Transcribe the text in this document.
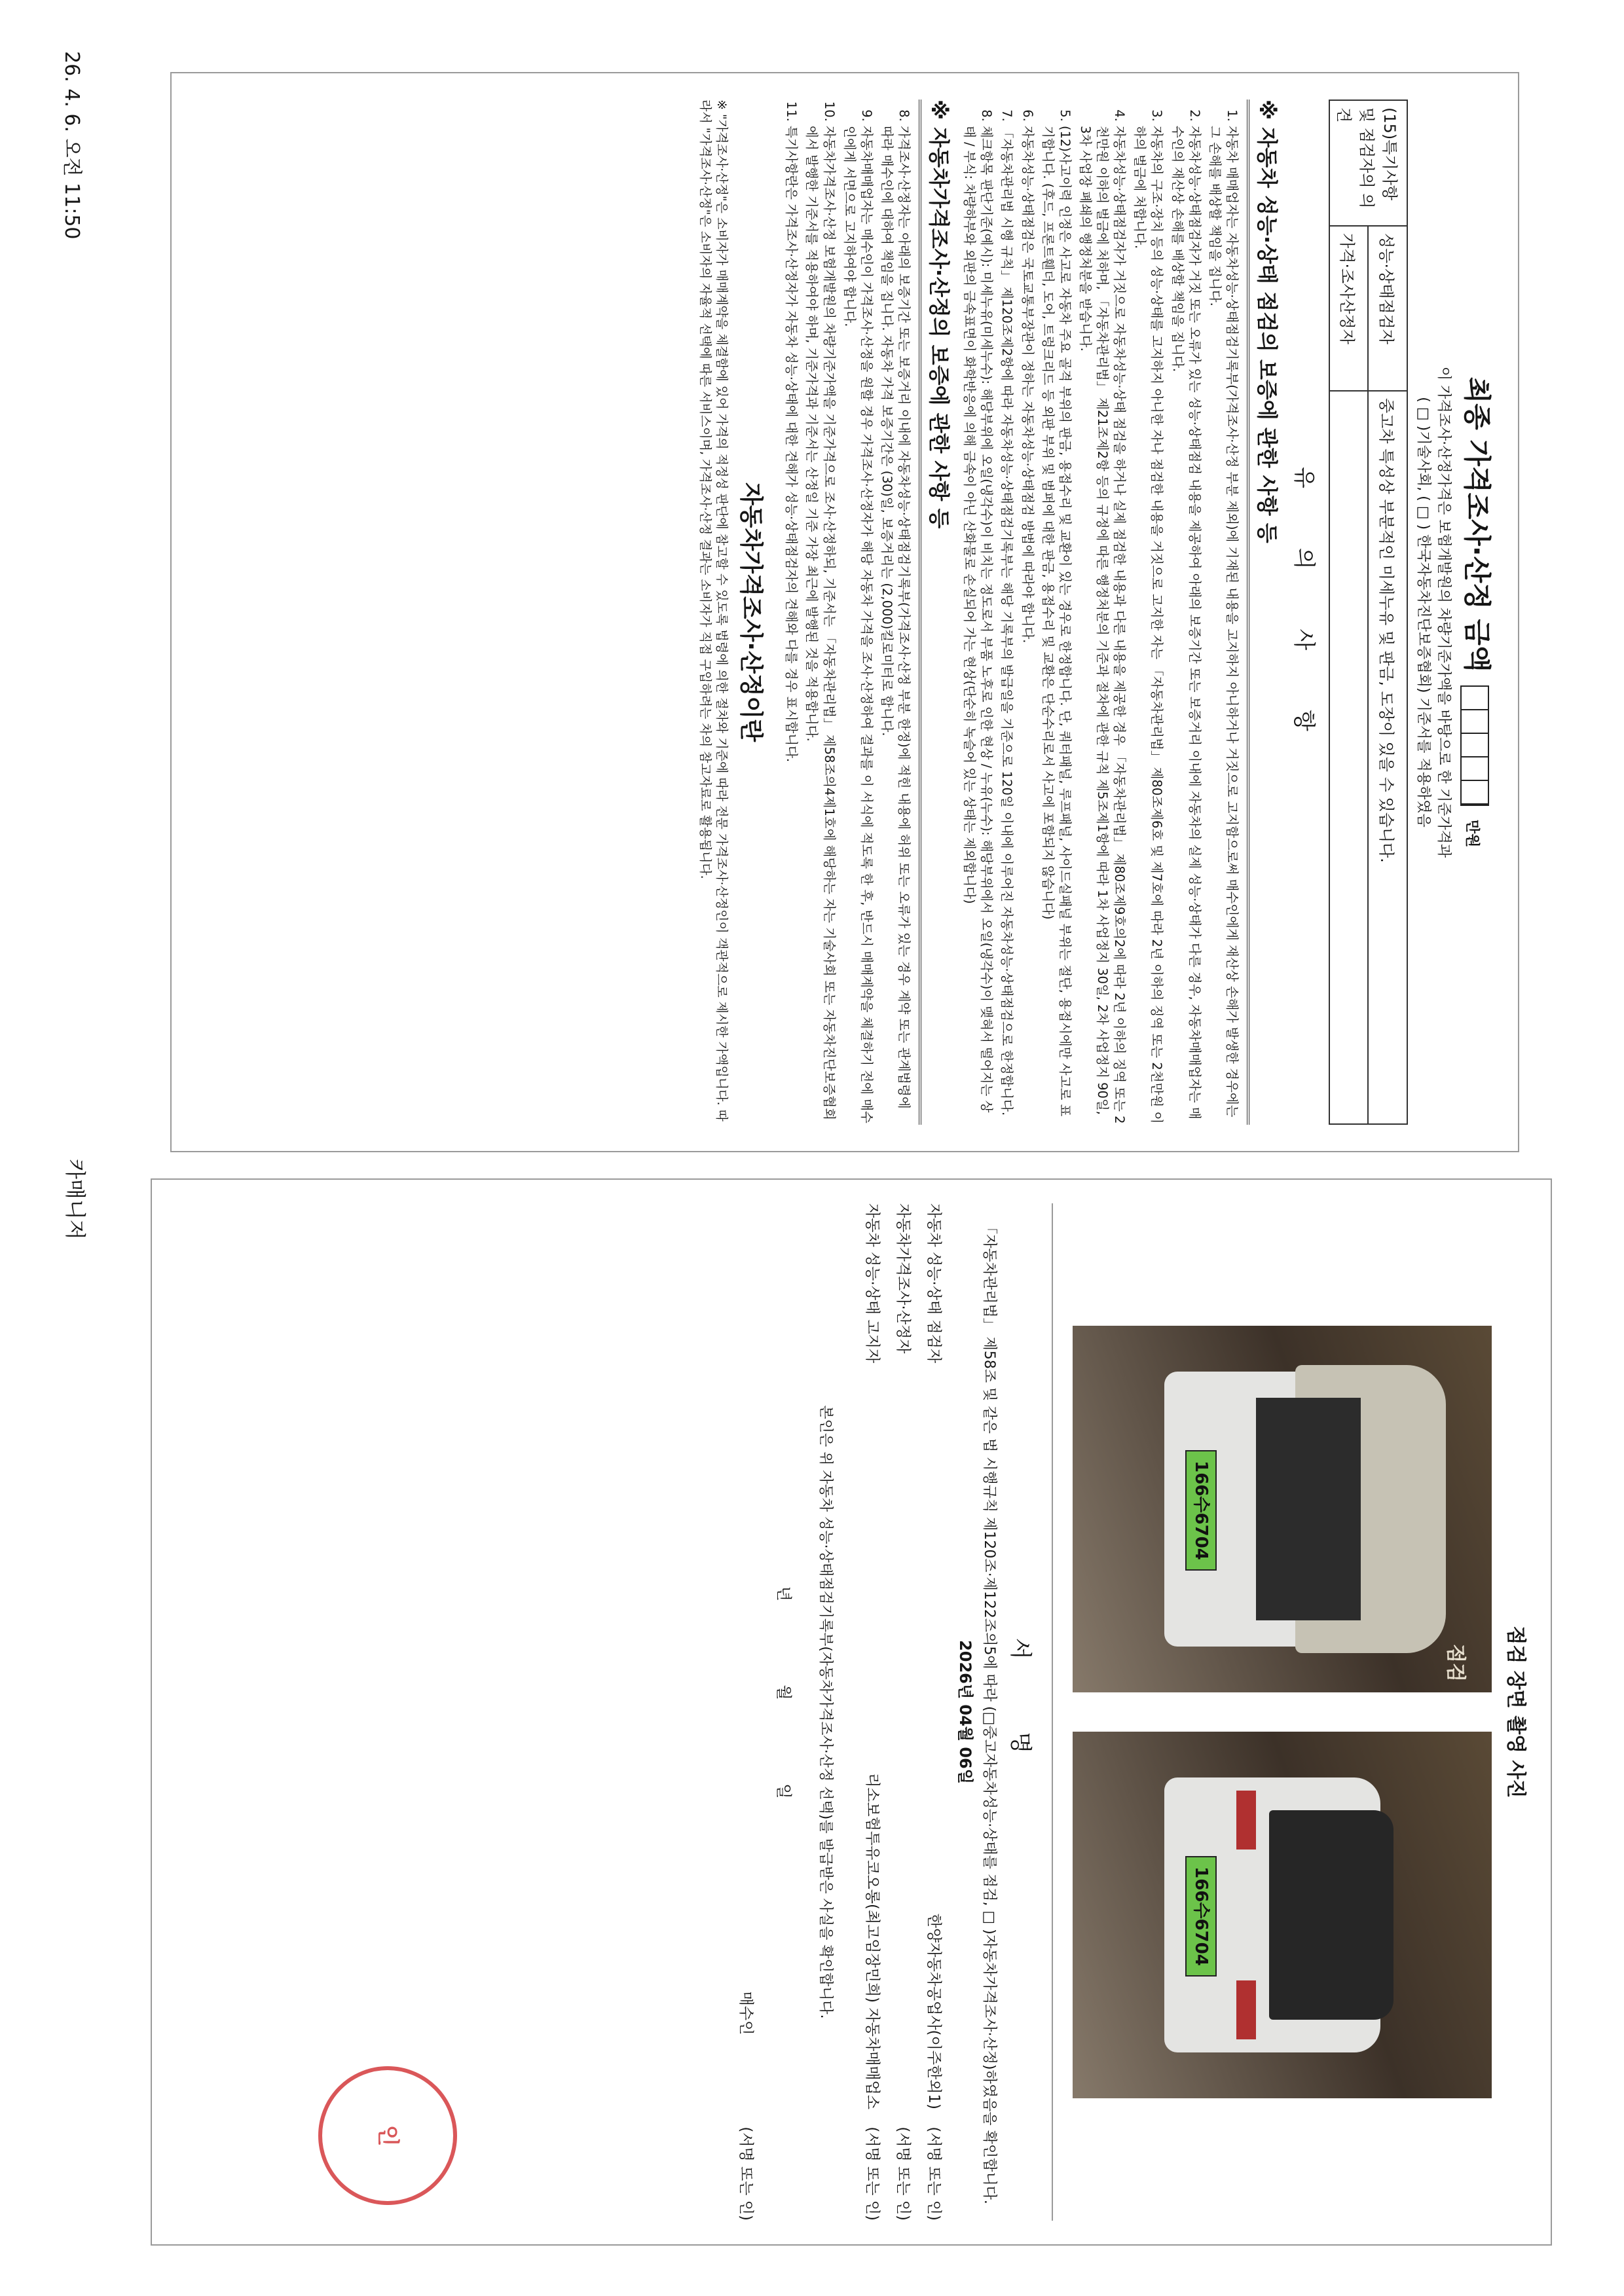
26. 4. 6. 오전 11:50
카매니저
최종 가격조사·산정 금액  만원
이 가격조사·산정가격은 보험개발원의 차량기준가액을 바탕으로 한 기준가격과
( □ )기술사회, ( □ ) 한국자동차진단보증협회) 기준서를 적용하였음
(15)특기사항 및 점검자의 의견	성능·상태점검자	중고차 특성상 부분적인 미세누유 및 판금, 도장이 있을 수 있습니다.
	가격·조사산정자	
유 의 사 항
※ 자동차 성능·상태 점검의 보증에 관한 사항 등
1. 자동차 매매업자는 자동차성능·상태점검기록부(가격조사·산정 부분 제외)에 기재된 내용을 고지하지 아니하거나 거짓으로 고지함으로써 매수인에게 재산상 손해가 발생한 경우에는 그 손해를 배상할 책임을 집니다.
2. 자동차성능·상태점검자가 거짓 또는 오류가 있는 성능·상태점검 내용을 제공하여 아래의 보증기간 또는 보증거리 이내에 자동차의 실제 성능·상태가 다른 경우, 자동차매매업자는 매수인의 재산상 손해를 배상할 책임을 집니다.
3. 자동차의 구조·장치 등의 성능·상태를 고지하지 아니한 자나 점검한 내용을 거짓으로 고지한 자는 「자동차관리법」 제80조제6호 및 제7호에 따라 2년 이하의 징역 또는 2천만원 이하의 벌금에 처합니다.
4. 자동차성능·상태점검자가 거짓으로 자동차성능·상태 점검을 하거나 실제 점검한 내용과 다른 내용을 제공한 경우 「자동차관리법」 제80조제9호의2에 따라 2년 이하의 징역 또는 2천만원 이하의 벌금에 처하며, 「자동차관리법」 제21조제2항 등의 규정에 따른 행정처분의 기준과 절차에 관한 규칙 제5조제1항에 따라 1차 사업정지 30일, 2차 사업정지 90일, 3차 사업장 폐쇄의 행정처분을 받습니다.
5. (12)사고이력 인정은 사고로 자동차 주요 골격 부위의 판금, 용접수리 및 교환이 있는 경우로 한정합니다. 단, 쿼터패널, 루프패널, 사이드실패널 부위는 절단, 용접시에만 사고로 표기합니다. (후드, 프론트휀더, 도어, 트렁크리드 등 외판 부위 및 범퍼에 대한 판금, 용접수리 및 교환은 단순수리로서 사고에 포함되지 않습니다)
6. 자동차성능·상태점검은 국토교통부장관이 정하는 자동차성능·상태점검 방법에 따라야 합니다.
7. 「자동차관리법 시행 규칙」 제120조제2항에 따라 자동차성능·상태점검기록부는 해당 기록부의 발급일을 기준으로 120일 이내에 이루어진 자동차성능·상태점검으로 한정합니다.
8. 체크항목 판단기준(예시): 미세누유(미세누수): 해당부위에 오일(냉각수)이 비치는 정도로서 부품 노후로 인한 현상 / 누유(누수): 해당부위에서 오일(냉각수)이 맺혀서 떨어지는 상태 / 부식: 차량하부와 외판의 금속표면이 화학반응에 의해 금속이 아닌 산화물로 손실되어 가는 현상(단순히 녹슬어 있는 상태는 제외합니다)
※ 자동차가격조사·산정의 보증에 관한 사항 등
8. 가격조사·산정자는 아래의 보증기간 또는 보증거리 이내에 자동차성능·상태점검기록부(가격조사·산정 부분 한정)에 적힌 내용에 허위 또는 오류가 있는 경우 계약 또는 관계법령에 따라 매수인에 대하여 책임을 집니다. 자동차 가격 보증기간은 (30)일, 보증거리는 (2,000)킬로미터로 합니다.
9. 자동차매매업자는 매수인이 가격조사·산정을 원할 경우 가격조사·산정자가 해당 자동차 가격을 조사·산정하여 결과를 이 서식에 적도록 한 후, 반드시 매매계약을 체결하기 전에 매수인에게 서면으로 고지하여야 합니다.
10. 자동차가격조사·산정 보험개발원의 차량기준가액을 기준가격으로 조사·산정하되, 기준서는 「자동차관리법」 제58조의4제1호에 해당하는 자는 기술사회 또는 자동차진단보증협회에서 발행한 기준서를 적용하여야 하며, 기준가격과 기준서는 산정일 기준 가장 최근에 발행된 것을 적용합니다.
11. 특기사항란은 가격조사·산정자가 자동차 성능·상태에 대한 견해가 성능·상태점검자의 견해와 다를 경우 표시합니다.
자동차가격조사·산정이란
※ "가격조사·산정"은 소비자가 매매계약을 체결함에 있어 가격의 적정성 판단에 참고할 수 있도록 법령에 의한 절차와 기준에 따라 전문 가격조사·산정인이 객관적으로 제시한 가액입니다. 따라서 "가격조사·산정"은 소비자의 자율적 선택에 따른 서비스이며, 가격조사·산정 결과는 소비자가 직접 구입하려는 차의 참고자료로 활용됩니다.
점검 장면 촬영 사진
166수6704
점검
166수6704
서 명
「자동차관리법」 제58조 및 같은 법 시행규칙 제120조·제122조의5에 따라 (□중고자동차성능·상태를 점검, □ )자동차가격조사·산정)하였음을 확인합니다.
2026년 04월 06일
자동차 성능·상태 점검자
한양자동차공업사(이주한외1)
(서명 또는 인)
자동차가격조사·산정자
(서명 또는 인)
자동차 성능·상태 고지자
리소보험투유코오롱(최고임장민희) 자동차매매업소
(서명 또는 인)
인
본인은 위 자동차 성능·상태점검기록부(자동차가격조사·산정 선택)를 발급받은 사실을 확인합니다.
년 월 일
매수인
(서명 또는 인)
